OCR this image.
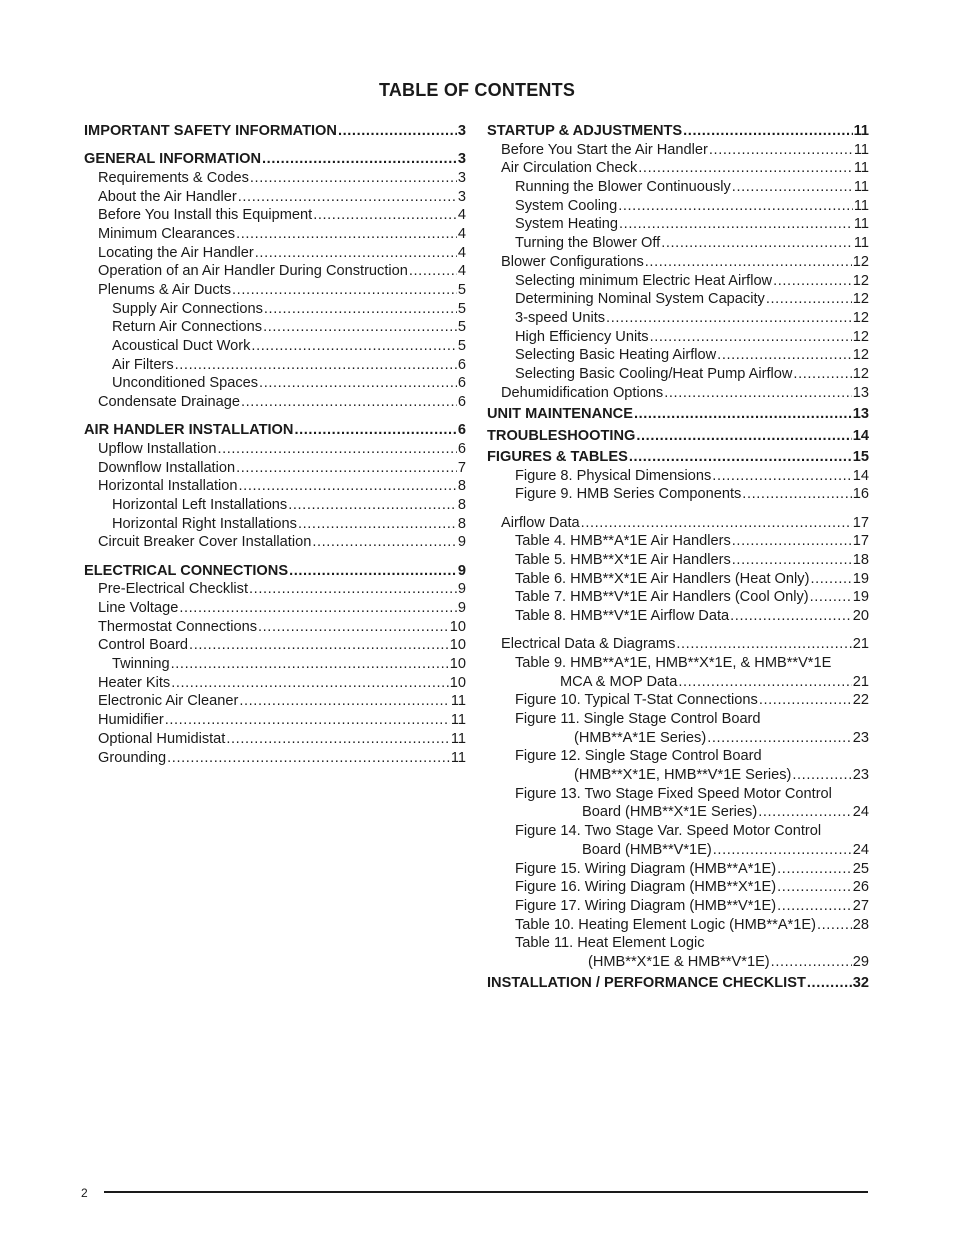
TABLE OF CONTENTS
IMPORTANT SAFETY INFORMATION .....	3
GENERAL INFORMATION .....	3
Requirements & Codes .....	3
About the Air Handler .....	3
Before You Install this Equipment .....	4
Minimum Clearances .....	4
Locating the Air Handler .....	4
Operation of an Air Handler During Construction .....	4
Plenums & Air Ducts .....	5
Supply Air Connections .....	5
Return Air Connections .....	5
Acoustical Duct Work .....	5
Air Filters .....	6
Unconditioned Spaces .....	6
Condensate Drainage .....	6
AIR HANDLER INSTALLATION .....	6
Upflow Installation .....	6
Downflow Installation .....	7
Horizontal Installation .....	8
Horizontal Left Installations .....	8
Horizontal Right Installations .....	8
Circuit Breaker Cover Installation .....	9
ELECTRICAL CONNECTIONS .....	9
Pre-Electrical Checklist .....	9
Line Voltage .....	9
Thermostat Connections .....	10
Control Board .....	10
Twinning .....	10
Heater Kits .....	10
Electronic Air Cleaner .....	11
Humidifier .....	11
Optional Humidistat .....	11
Grounding .....	11
STARTUP & ADJUSTMENTS .....	11
Before You Start the Air Handler .....	11
Air Circulation Check .....	11
Running the Blower Continuously .....	11
System Cooling .....	11
System Heating .....	11
Turning the Blower Off .....	11
Blower Configurations .....	12
Selecting minimum Electric Heat Airflow .....	12
Determining Nominal System Capacity .....	12
3-speed Units .....	12
High Efficiency Units .....	12
Selecting Basic Heating Airflow .....	12
Selecting Basic Cooling/Heat Pump Airflow .....	12
Dehumidification Options .....	13
UNIT MAINTENANCE .....	13
TROUBLESHOOTING .....	14
FIGURES & TABLES .....	15
Figure 8. Physical Dimensions .....	14
Figure 9. HMB Series Components .....	16
Airflow Data .....	17
Table 4. HMB**A*1E Air Handlers .....	17
Table 5. HMB**X*1E Air Handlers .....	18
Table 6. HMB**X*1E Air Handlers (Heat Only) .....	19
Table 7. HMB**V*1E Air Handlers (Cool Only) .....	19
Table 8. HMB**V*1E Airflow Data .....	20
Electrical Data & Diagrams .....	21
Table 9. HMB**A*1E, HMB**X*1E, & HMB**V*1E
MCA & MOP Data .....	21
Figure 10. Typical T-Stat Connections .....	22
Figure 11. Single Stage Control Board
(HMB**A*1E Series) .....	23
Figure 12. Single Stage Control Board
(HMB**X*1E, HMB**V*1E Series) .....	23
Figure 13. Two Stage Fixed Speed Motor Control
Board (HMB**X*1E Series) .....	24
Figure 14. Two Stage Var. Speed Motor Control
Board (HMB**V*1E) .....	24
Figure 15. Wiring Diagram (HMB**A*1E) .....	25
Figure 16. Wiring Diagram (HMB**X*1E) .....	26
Figure 17. Wiring Diagram (HMB**V*1E) .....	27
Table 10. Heating Element Logic (HMB**A*1E) .....	28
Table 11. Heat Element Logic
(HMB**X*1E & HMB**V*1E) .....	29
INSTALLATION / PERFORMANCE CHECKLIST .....	32
2
